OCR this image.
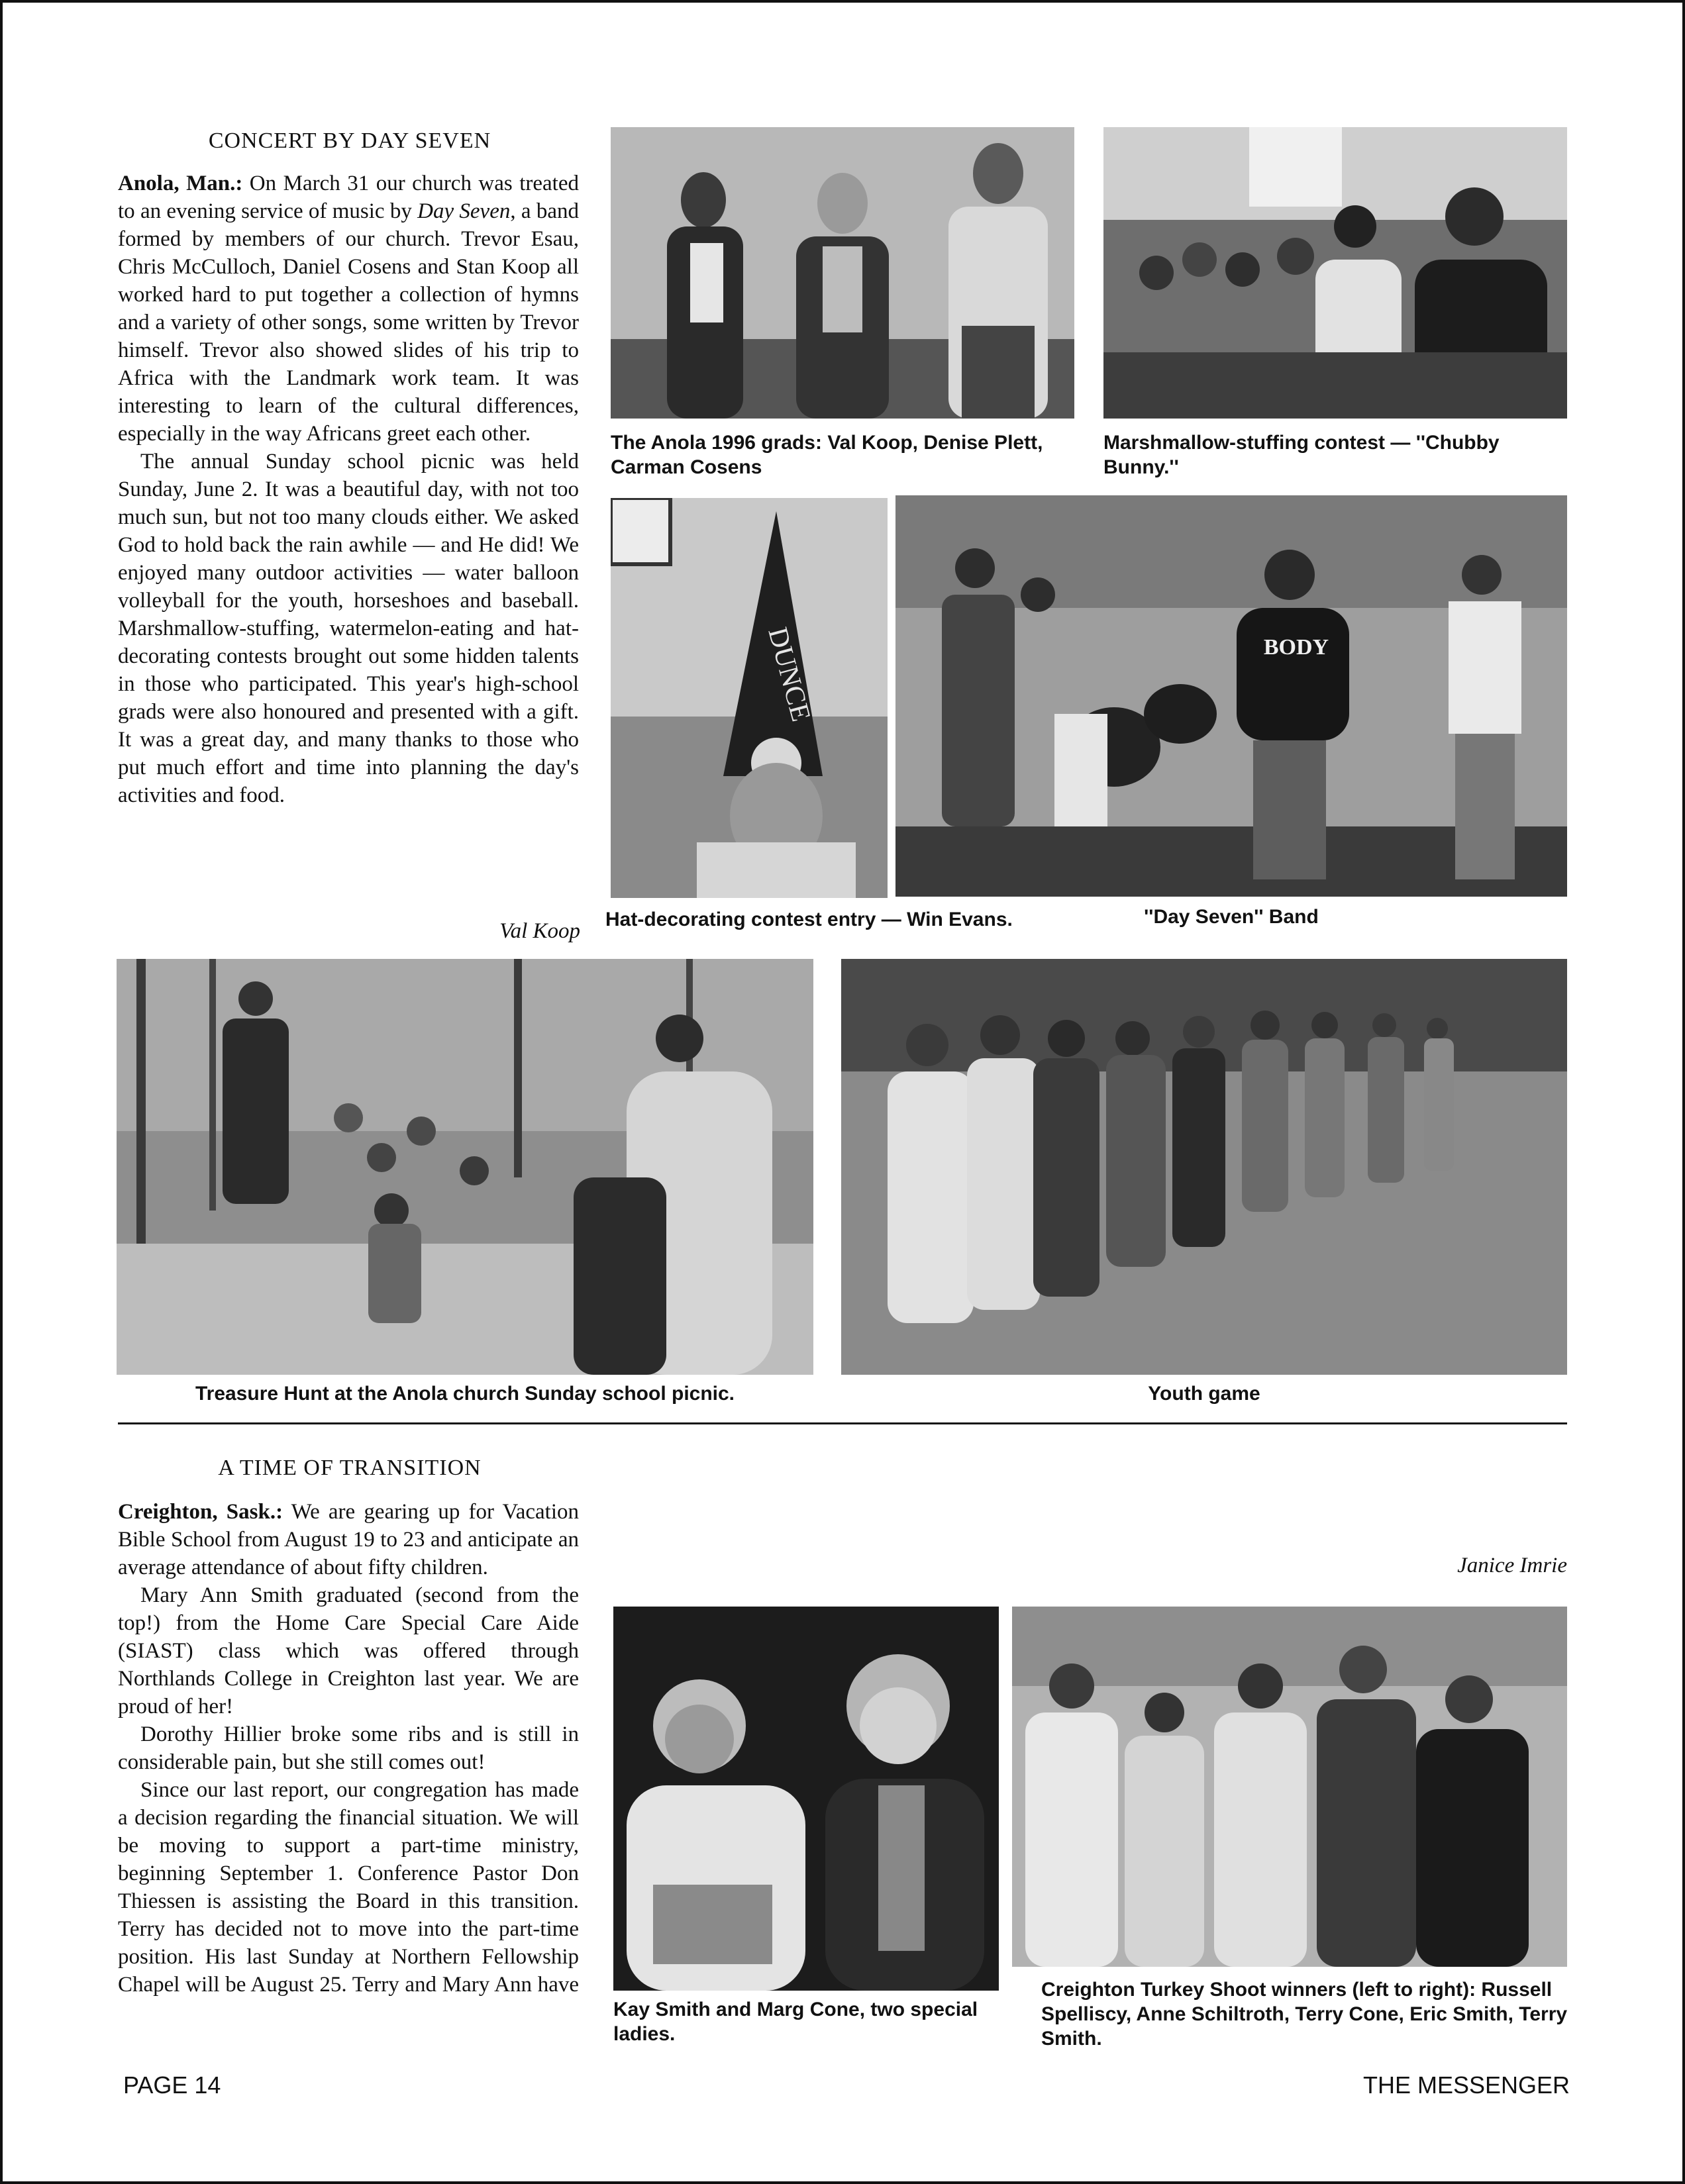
CONCERT BY DAY SEVEN

Anola, Man.: On March 31 our church was treated to an evening service of music by Day Seven, a band formed by members of our church. Trevor Esau, Chris McCulloch, Daniel Cosens and Stan Koop all worked hard to put together a collection of hymns and a variety of other songs, some written by Trevor himself. Trevor also showed slides of his trip to Africa with the Landmark work team. It was interesting to learn of the cultural differences, especially in the way Africans greet each other.

The annual Sunday school picnic was held Sunday, June 2. It was a beautiful day, with not too much sun, but not too many clouds either. We asked God to hold back the rain awhile — and He did! We enjoyed many outdoor activities — water balloon volleyball for the youth, horseshoes and baseball. Marshmallow-stuffing, watermelon-eating and hat-decorating contests brought out some hidden talents in those who participated. This year's high-school grads were also honoured and presented with a gift. It was a great day, and many thanks to those who put much effort and time into planning the day's activities and food.

Val Koop
The Anola 1996 grads: Val Koop, Denise Plett, Carman Cosens
Marshmallow-stuffing contest — ''Chubby Bunny.''
DUNCE
Hat-decorating contest entry — Win Evans.
BODY
''Day Seven'' Band
Treasure Hunt at the Anola church Sunday school picnic.	Youth game
A TIME OF TRANSITION

Creighton, Sask.: We are gearing up for Vacation Bible School from August 19 to 23 and anticipate an average attendance of about fifty children.

Mary Ann Smith graduated (second from the top!) from the Home Care Special Care Aide (SIAST) class which was offered through Northlands College in Creighton last year. We are proud of her!

Dorothy Hillier broke some ribs and is still in considerable pain, but she still comes out!

Since our last report, our congregation has made a decision regarding the financial situation. We will be moving to support a part-time ministry, beginning September 1. Conference Pastor Don Thiessen is assisting the Board in this transition. Terry has decided not to move into the part-time position. His last Sunday at Northern Fellowship Chapel will be August 25. Terry and Mary Ann have

Janice Imrie
Kay Smith and Marg Cone, two special ladies.
Creighton Turkey Shoot winners (left to right): Russell Spelliscy, Anne Schiltroth, Terry Cone, Eric Smith, Terry Smith.
PAGE 14	THE MESSENGER
